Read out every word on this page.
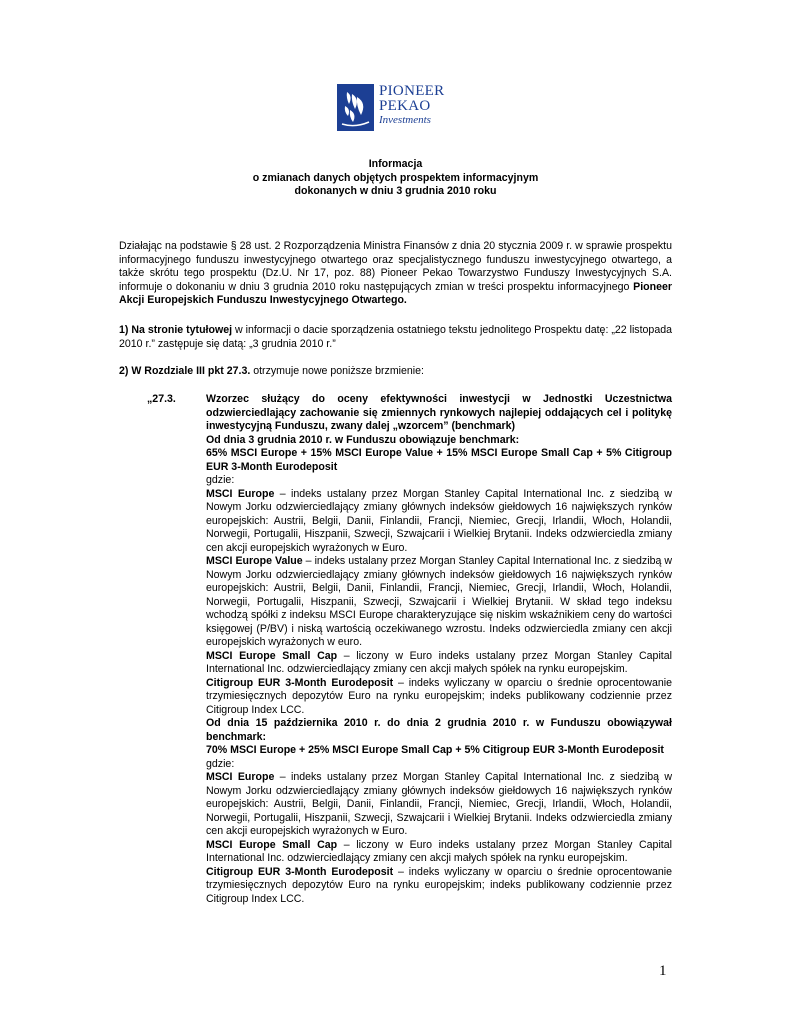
PIONEER
PEKAO
Investments
Informacja
o zmianach danych objętych prospektem informacyjnym
dokonanych w dniu 3 grudnia 2010 roku
Działając na podstawie § 28 ust. 2 Rozporządzenia Ministra Finansów z dnia 20 stycznia 2009 r. w sprawie prospektu informacyjnego funduszu inwestycyjnego otwartego oraz specjalistycznego funduszu inwestycyjnego otwartego, a także skrótu tego prospektu (Dz.U. Nr 17, poz. 88) Pioneer Pekao Towarzystwo Funduszy Inwestycyjnych S.A. informuje o dokonaniu w dniu 3 grudnia 2010 roku następujących zmian w treści prospektu informacyjnego Pioneer Akcji Europejskich Funduszu Inwestycyjnego Otwartego.
1) Na stronie tytułowej w informacji o dacie sporządzenia ostatniego tekstu jednolitego Prospektu datę: „22 listopada 2010 r.” zastępuje się datą: „3 grudnia 2010 r.”
2) W Rozdziale III pkt 27.3. otrzymuje nowe poniższe brzmienie:
„27.3.	Wzorzec służący do oceny efektywności inwestycji w Jednostki Uczestnictwa odzwierciedlający zachowanie się zmiennych rynkowych najlepiej oddających cel i politykę inwestycyjną Funduszu, zwany dalej „wzorcem” (benchmark)
Od dnia 3 grudnia 2010 r. w Funduszu obowiązuje benchmark:
65% MSCI Europe + 15% MSCI Europe Value + 15% MSCI Europe Small Cap + 5% Citigroup EUR 3-Month Eurodeposit
gdzie:
MSCI Europe – indeks ustalany przez Morgan Stanley Capital International Inc. z siedzibą w Nowym Jorku odzwierciedlający zmiany głównych indeksów giełdowych 16 największych rynków europejskich: Austrii, Belgii, Danii, Finlandii, Francji, Niemiec, Grecji, Irlandii, Włoch, Holandii, Norwegii, Portugalii, Hiszpanii, Szwecji, Szwajcarii i Wielkiej Brytanii. Indeks odzwierciedla zmiany cen akcji europejskich wyrażonych w Euro.
MSCI Europe Value – indeks ustalany przez Morgan Stanley Capital International Inc. z siedzibą w Nowym Jorku odzwierciedlający zmiany głównych indeksów giełdowych 16 największych rynków europejskich: Austrii, Belgii, Danii, Finlandii, Francji, Niemiec, Grecji, Irlandii, Włoch, Holandii, Norwegii, Portugalii, Hiszpanii, Szwecji, Szwajcarii i Wielkiej Brytanii. W skład tego indeksu wchodzą spółki z indeksu MSCI Europe charakteryzujące się niskim wskaźnikiem ceny do wartości księgowej (P/BV) i niską wartością oczekiwanego wzrostu. Indeks odzwierciedla zmiany cen akcji europejskich wyrażonych w euro.
MSCI Europe Small Cap – liczony w Euro indeks ustalany przez Morgan Stanley Capital International Inc. odzwierciedlający zmiany cen akcji małych spółek na rynku europejskim.
Citigroup EUR 3-Month Eurodeposit – indeks wyliczany w oparciu o średnie oprocentowanie trzymiesięcznych depozytów Euro na rynku europejskim; indeks publikowany codziennie przez Citigroup Index LCC.
Od dnia 15 października 2010 r. do dnia 2 grudnia 2010 r. w Funduszu obowiązywał benchmark:
70% MSCI Europe + 25% MSCI Europe Small Cap + 5% Citigroup EUR 3-Month Eurodeposit
gdzie:
MSCI Europe – indeks ustalany przez Morgan Stanley Capital International Inc. z siedzibą w Nowym Jorku odzwierciedlający zmiany głównych indeksów giełdowych 16 największych rynków europejskich: Austrii, Belgii, Danii, Finlandii, Francji, Niemiec, Grecji, Irlandii, Włoch, Holandii, Norwegii, Portugalii, Hiszpanii, Szwecji, Szwajcarii i Wielkiej Brytanii. Indeks odzwierciedla zmiany cen akcji europejskich wyrażonych w Euro.
MSCI Europe Small Cap – liczony w Euro indeks ustalany przez Morgan Stanley Capital International Inc. odzwierciedlający zmiany cen akcji małych spółek na rynku europejskim.
Citigroup EUR 3-Month Eurodeposit – indeks wyliczany w oparciu o średnie oprocentowanie trzymiesięcznych depozytów Euro na rynku europejskim; indeks publikowany codziennie przez Citigroup Index LCC.
1
